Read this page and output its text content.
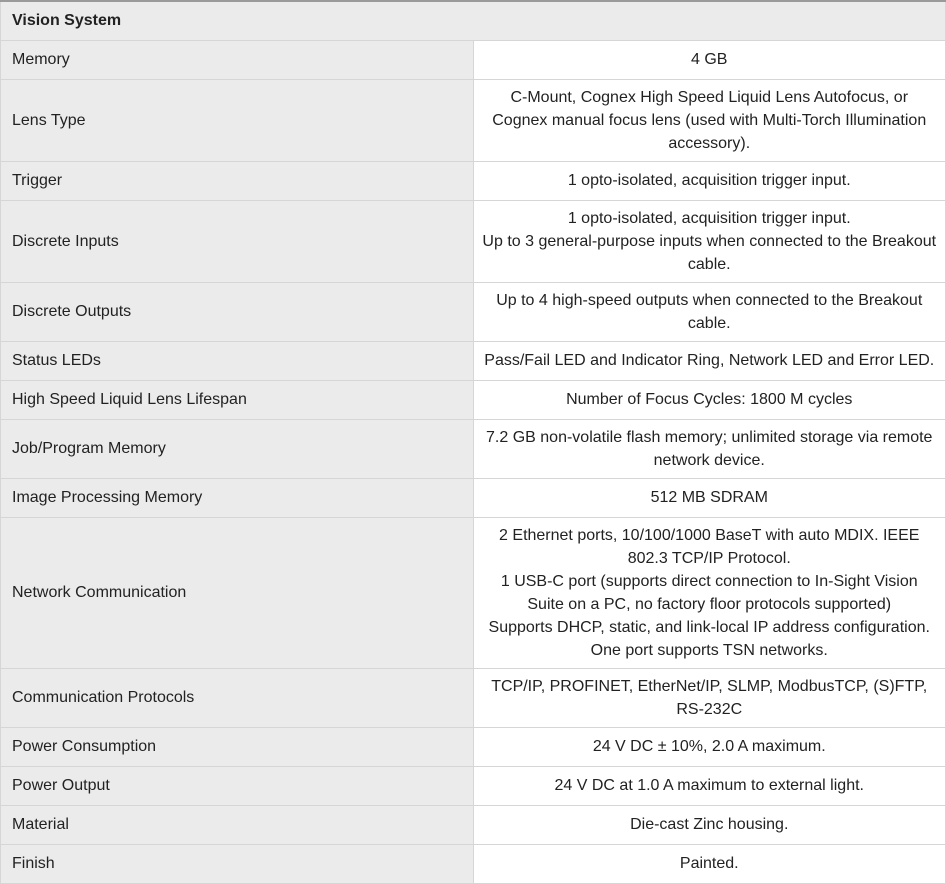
Vision System	
Memory	4 GB

Lens Type	C-Mount, Cognex High Speed Liquid Lens Autofocus, or Cognex manual focus lens (used with Multi-Torch Illumination accessory).

Trigger	1 opto-isolated, acquisition trigger input.

Discrete Inputs	1 opto-isolated, acquisition trigger input.
Up to 3 general-purpose inputs when connected to the Breakout cable.

Discrete Outputs	Up to 4 high-speed outputs when connected to the Breakout cable.

Status LEDs	Pass/Fail LED and Indicator Ring, Network LED and Error LED.

High Speed Liquid Lens Lifespan	Number of Focus Cycles: 1800 M cycles

Job/Program Memory	7.2 GB non-volatile flash memory; unlimited storage via remote network device.

Image Processing Memory	512 MB SDRAM

Network Communication	2 Ethernet ports, 10/100/1000 BaseT with auto MDIX. IEEE 802.3 TCP/IP Protocol.
1 USB-C port (supports direct connection to In-Sight Vision Suite on a PC, no factory floor protocols supported)
Supports DHCP, static, and link-local IP address configuration. One port supports TSN networks.

Communication Protocols	TCP/IP, PROFINET, EtherNet/IP, SLMP, ModbusTCP, (S)FTP, RS-232C

Power Consumption	24 V DC ± 10%, 2.0 A maximum.

Power Output	24 V DC at 1.0 A maximum to external light.

Material	Die-cast Zinc housing.

Finish	Painted.
